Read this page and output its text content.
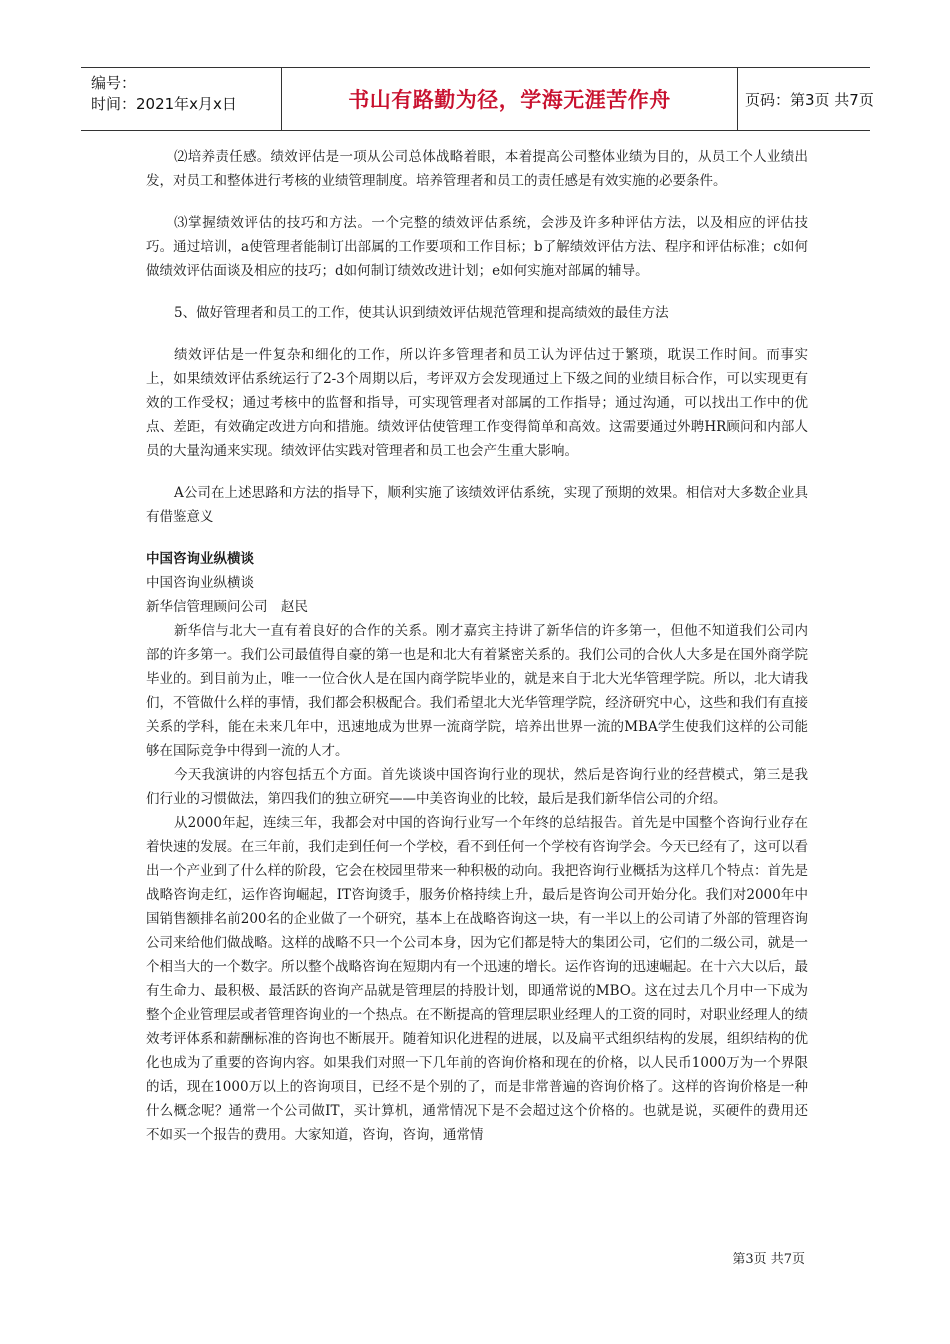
编号：
时间：2021年x月x日	书山有路勤为径，学海无涯苦作舟	页码：第3页 共7页

⑵培养责任感。绩效评估是一项从公司总体战略着眼，本着提高公司整体业绩为目的，从员工个人业绩出发，对员工和整体进行考核的业绩管理制度。培养管理者和员工的责任感是有效实施的必要条件。

⑶掌握绩效评估的技巧和方法。一个完整的绩效评估系统，会涉及许多种评估方法，以及相应的评估技巧。通过培训，a使管理者能制订出部属的工作要项和工作目标；b了解绩效评估方法、程序和评估标准；c如何做绩效评估面谈及相应的技巧；d如何制订绩效改进计划；e如何实施对部属的辅导。

5、做好管理者和员工的工作，使其认识到绩效评估规范管理和提高绩效的最佳方法

绩效评估是一件复杂和细化的工作，所以许多管理者和员工认为评估过于繁琐，耽误工作时间。而事实上，如果绩效评估系统运行了2-3个周期以后，考评双方会发现通过上下级之间的业绩目标合作，可以实现更有效的工作受权；通过考核中的监督和指导，可实现管理者对部属的工作指导；通过沟通，可以找出工作中的优点、差距，有效确定改进方向和措施。绩效评估使管理工作变得简单和高效。这需要通过外聘HR顾问和内部人员的大量沟通来实现。绩效评估实践对管理者和员工也会产生重大影响。

A公司在上述思路和方法的指导下，顺利实施了该绩效评估系统，实现了预期的效果。相信对大多数企业具有借鉴意义

中国咨询业纵横谈

中国咨询业纵横谈

新华信管理顾问公司　赵民

新华信与北大一直有着良好的合作的关系。刚才嘉宾主持讲了新华信的许多第一，但他不知道我们公司内部的许多第一。我们公司最值得自豪的第一也是和北大有着紧密关系的。我们公司的合伙人大多是在国外商学院毕业的。到目前为止，唯一一位合伙人是在国内商学院毕业的，就是来自于北大光华管理学院。所以，北大请我们，不管做什么样的事情，我们都会积极配合。我们希望北大光华管理学院，经济研究中心，这些和我们有直接关系的学科，能在未来几年中，迅速地成为世界一流商学院，培养出世界一流的MBA学生使我们这样的公司能够在国际竞争中得到一流的人才。

今天我演讲的内容包括五个方面。首先谈谈中国咨询行业的现状，然后是咨询行业的经营模式，第三是我们行业的习惯做法，第四我们的独立研究——中美咨询业的比较，最后是我们新华信公司的介绍。

从2000年起，连续三年，我都会对中国的咨询行业写一个年终的总结报告。首先是中国整个咨询行业存在着快速的发展。在三年前，我们走到任何一个学校，看不到任何一个学校有咨询学会。今天已经有了，这可以看出一个产业到了什么样的阶段，它会在校园里带来一种积极的动向。我把咨询行业概括为这样几个特点：首先是战略咨询走红，运作咨询崛起，IT咨询烫手，服务价格持续上升，最后是咨询公司开始分化。我们对2000年中国销售额排名前200名的企业做了一个研究，基本上在战略咨询这一块，有一半以上的公司请了外部的管理咨询公司来给他们做战略。这样的战略不只一个公司本身，因为它们都是特大的集团公司，它们的二级公司，就是一个相当大的一个数字。所以整个战略咨询在短期内有一个迅速的增长。运作咨询的迅速崛起。在十六大以后，最有生命力、最积极、最活跃的咨询产品就是管理层的持股计划，即通常说的MBO。这在过去几个月中一下成为整个企业管理层或者管理咨询业的一个热点。在不断提高的管理层职业经理人的工资的同时，对职业经理人的绩效考评体系和薪酬标准的咨询也不断展开。随着知识化进程的进展，以及扁平式组织结构的发展，组织结构的优化也成为了重要的咨询内容。如果我们对照一下几年前的咨询价格和现在的价格，以人民币1000万为一个界限的话，现在1000万以上的咨询项目，已经不是个别的了，而是非常普遍的咨询价格了。这样的咨询价格是一种什么概念呢？通常一个公司做IT，买计算机，通常情况下是不会超过这个价格的。也就是说，买硬件的费用还不如买一个报告的费用。大家知道，咨询，咨询，通常情

第3页 共7页
